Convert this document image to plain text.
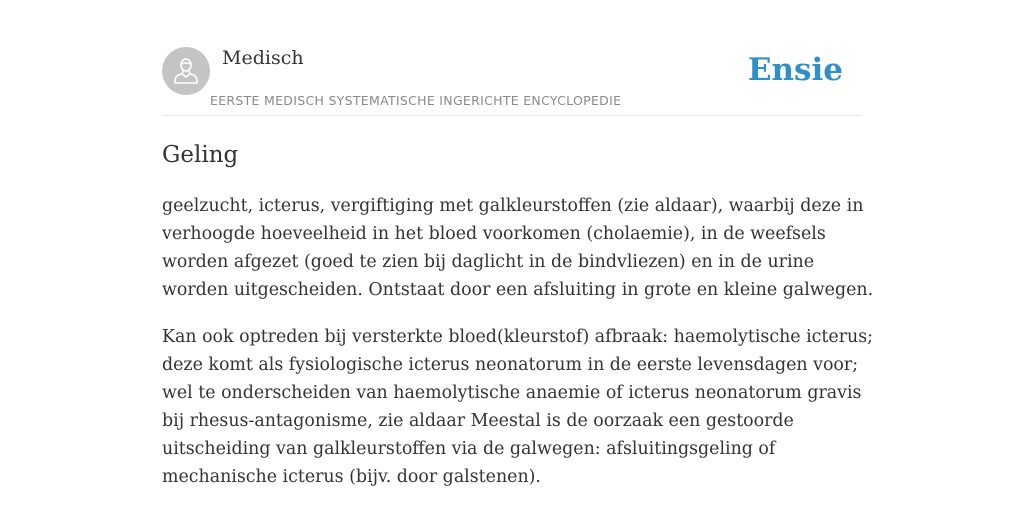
Medisch
EERSTE MEDISCH SYSTEMATISCHE INGERICHTE ENCYCLOPEDIE
Ensie
Geling

geelzucht, icterus, vergiftiging met galkleurstoffen (zie aldaar), waarbij deze in
verhoogde hoeveelheid in het bloed voorkomen (cholaemie), in de weefsels
worden afgezet (goed te zien bij daglicht in de bindvliezen) en in de urine
worden uitgescheiden. Ontstaat door een afsluiting in grote en kleine galwegen.

Kan ook optreden bij versterkte bloed(kleurstof) afbraak: haemolytische icterus;
deze komt als fysiologische icterus neonatorum in de eerste levensdagen voor;
wel te onderscheiden van haemolytische anaemie of icterus neonatorum gravis
bij rhesus-antagonisme, zie aldaar Meestal is de oorzaak een gestoorde
uitscheiding van galkleurstoffen via de galwegen: afsluitingsgeling of
mechanische icterus (bijv. door galstenen).
